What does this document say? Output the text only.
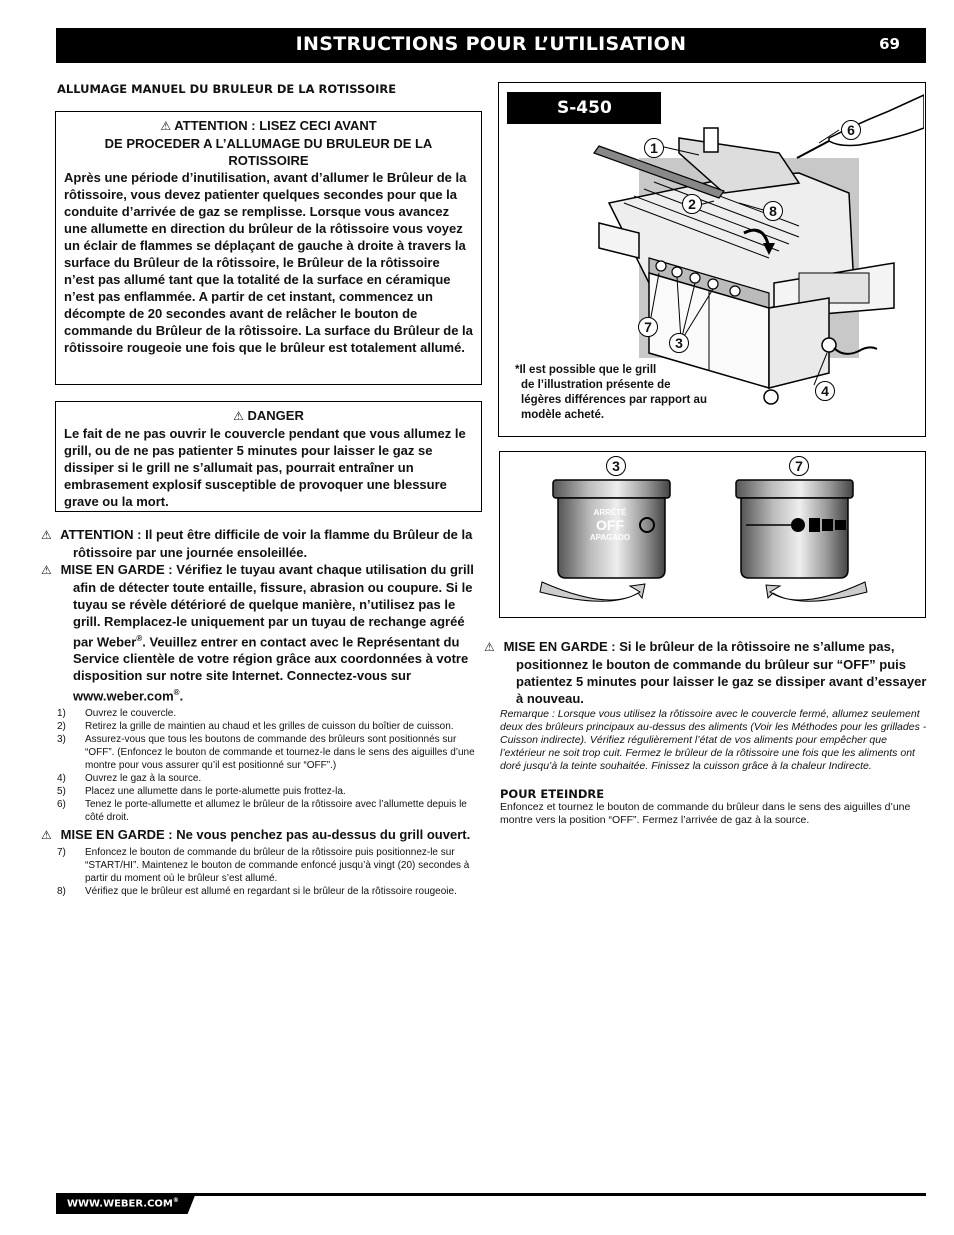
INSTRUCTIONS POUR L’UTILISATION	69
ALLUMAGE MANUEL DU BRULEUR DE LA ROTISSOIRE
⚠ ATTENTION : LISEZ CECI AVANT
DE PROCEDER A L’ALLUMAGE DU BRULEUR DE LA ROTISSOIRE
Après une période d’inutilisation, avant d’allumer le Brûleur de la rôtissoire, vous devez patienter quelques secondes pour que la conduite d’arrivée de gaz se remplisse. Lorsque vous avancez une allumette en direction du brûleur de la rôtissoire vous voyez un éclair de flammes se déplaçant de gauche à droite à travers la surface du Brûleur de la rôtissoire, le Brûleur de la rôtissoire n’est pas allumé tant que la totalité de la surface en céramique n’est pas enflammée. A partir de cet instant, commencez un décompte de 20 secondes avant de relâcher le bouton de commande du Brûleur de la rôtissoire. La surface du Brûleur de la rôtissoire rougeoie une fois que le brûleur est totalement allumé.
⚠ DANGER
Le fait de ne pas ouvrir le couvercle pendant que vous allumez le grill, ou de ne pas patienter 5 minutes pour laisser le gaz se dissiper si le grill ne s’allumait pas, pourrait entraîner un embrasement explosif susceptible de provoquer une blessure grave ou la mort.
⚠ ATTENTION : Il peut être difficile de voir la flamme du Brûleur de la rôtissoire par une journée ensoleillée.
⚠ MISE EN GARDE : Vérifiez le tuyau avant chaque utilisation du grill afin de détecter toute entaille, fissure, abrasion ou coupure. Si le tuyau se révèle détérioré de quelque manière, n’utilisez pas le grill. Remplacez-le uniquement par un tuyau de rechange agréé par Weber®. Veuillez entrer en contact avec le Représentant du Service clientèle de votre région grâce aux coordonnées à votre disposition sur notre site Internet. Connectez-vous sur www.weber.com®.
1)	Ouvrez le couvercle.
2)	Retirez la grille de maintien au chaud et les grilles de cuisson du boîtier de cuisson.
3)	Assurez-vous que tous les boutons de commande des brûleurs sont positionnés sur “OFF”. (Enfoncez le bouton de commande et tournez-le dans le sens des aiguilles d’une montre pour vous assurer qu’il est positionné sur “OFF”.)
4)	Ouvrez le gaz à la source.
5)	Placez une allumette dans le porte-alumette puis frottez-la.
6)	Tenez le porte-allumette et allumez le brûleur de la rôtissoire avec l’allumette depuis le côté droit.
⚠ MISE EN GARDE : Ne vous penchez pas au-dessus du grill ouvert.
7)	Enfoncez le bouton de commande du brûleur de la rôtissoire puis positionnez-le sur “START/HI”. Maintenez le bouton de commande enfoncé jusqu’à vingt (20) secondes à partir du moment où le brûleur s’est allumé.
8)	Vérifiez que le brûleur est allumé en regardant si le brûleur de la rôtissoire rougeoie.
S-450
1
2
3
4
6
7
8
*Il est possible que le grill
de l’illustration présente de
légères différences par rapport au
modèle acheté.
3	7
ARRÊTÉ
OFF
APAGADO
⚠ MISE EN GARDE : Si le brûleur de la rôtissoire ne s’allume pas, positionnez le bouton de commande du brûleur sur “OFF” puis patientez 5 minutes pour laisser le gaz se dissiper avant d’essayer à nouveau.
Remarque : Lorsque vous utilisez la rôtissoire avec le couvercle fermé, allumez seulement deux des brûleurs principaux au-dessus des aliments (Voir les Méthodes pour les grillades - Cuisson indirecte). Vérifiez régulièrement l’état de vos aliments pour empêcher que l’extérieur ne soit trop cuit. Fermez le brûleur de la rôtissoire une fois que les aliments ont doré jusqu’à la teinte souhaitée. Finissez la cuisson grâce à la chaleur Indirecte.
POUR ETEINDRE
Enfoncez et tournez le bouton de commande du brûleur dans le sens des aiguilles d’une montre vers la position “OFF”. Fermez l’arrivée de gaz à la source.
WWW.WEBER.COM®
